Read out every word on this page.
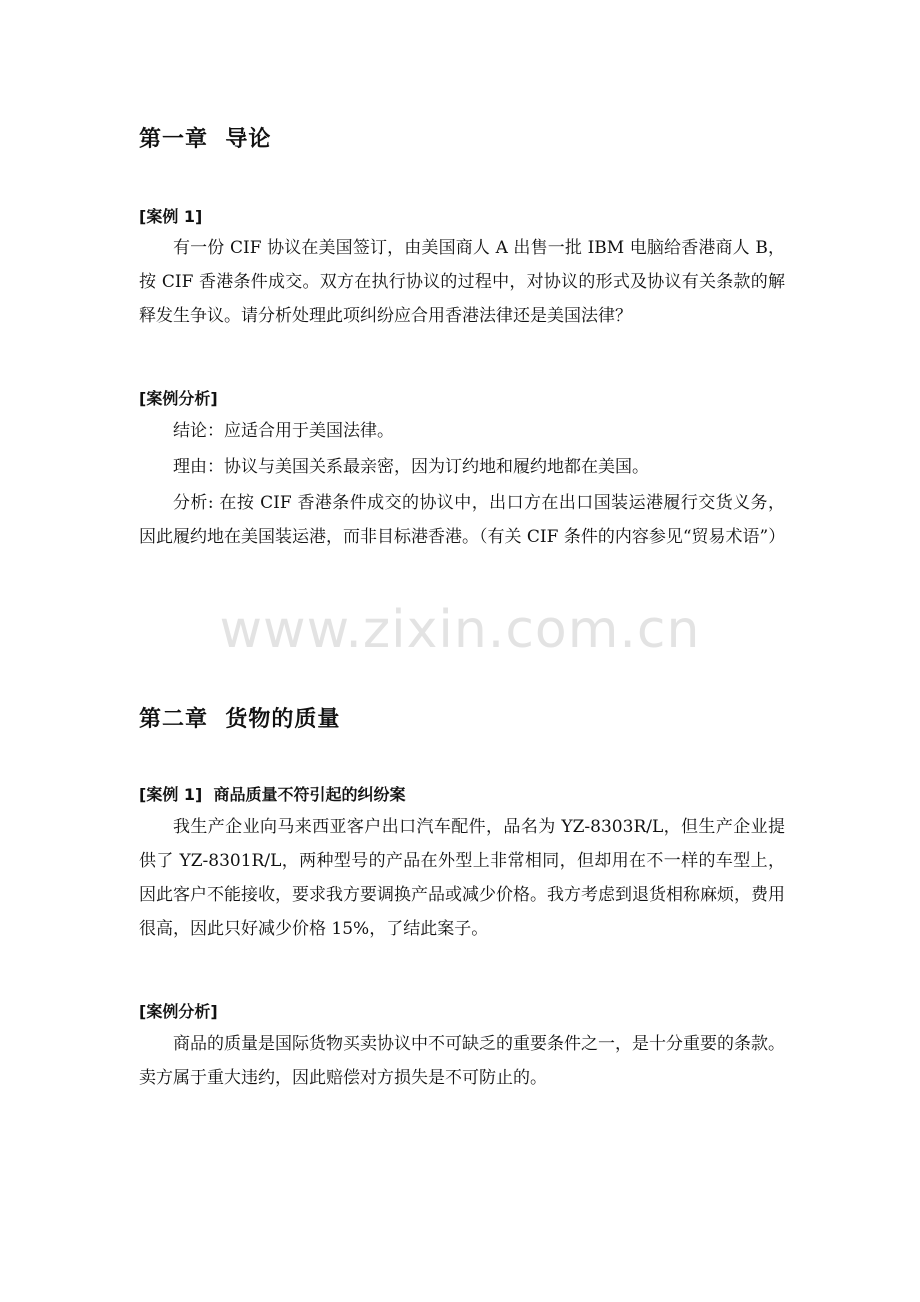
第一章  导论
[案例 1]

有一份 CIF 协议在美国签订，由美国商人 A 出售一批 IBM 电脑给香港商人 B，按 CIF 香港条件成交。双方在执行协议的过程中，对协议的形式及协议有关条款的解释发生争议。请分析处理此项纠纷应合用香港法律还是美国法律？

[案例分析]

结论：应适合用于美国法律。

理由：协议与美国关系最亲密，因为订约地和履约地都在美国。

分析: 在按 CIF 香港条件成交的协议中，出口方在出口国装运港履行交货义务，因此履约地在美国装运港，而非目标港香港。（有关 CIF 条件的内容参见“贸易术语”）

www.zixin.com.cn
第二章  货物的质量
[案例 1]  商品质量不符引起的纠纷案

我生产企业向马来西亚客户出口汽车配件，品名为 YZ-8303R/L，但生产企业提供了 YZ-8301R/L，两种型号的产品在外型上非常相同，但却用在不一样的车型上，因此客户不能接收，要求我方要调换产品或减少价格。我方考虑到退货相称麻烦，费用很高，因此只好减少价格 15%，了结此案子。

[案例分析]

商品的质量是国际货物买卖协议中不可缺乏的重要条件之一，是十分重要的条款。卖方属于重大违约，因此赔偿对方损失是不可防止的。
